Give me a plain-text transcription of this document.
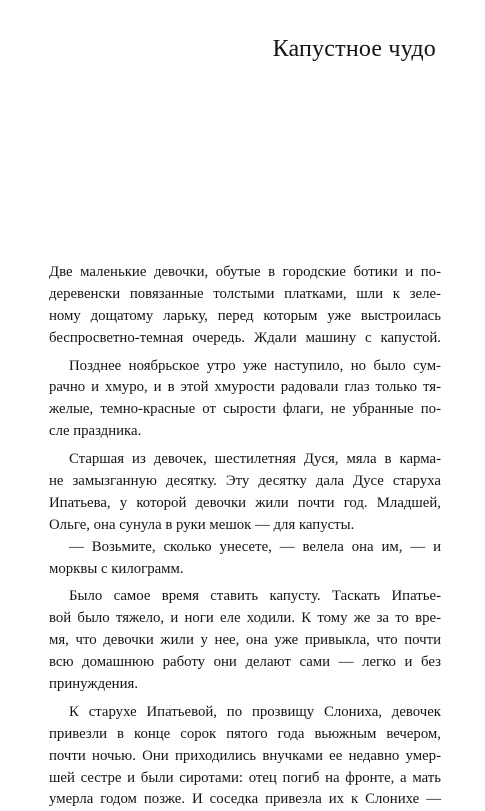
Капустное чудо
Две маленькие девочки, обутые в городские ботики и по-
деревенски повязанные толстыми платками, шли к зеле-
ному дощатому ларьку, перед которым уже выстроилась
беспросветно-темная очередь. Ждали машину с капустой.
Позднее ноябрьское утро уже наступило, но было сум-
рачно и хмуро, и в этой хмурости радовали глаз только тя-
желые, темно-красные от сырости флаги, не убранные по-
сле праздника.
Старшая из девочек, шестилетняя Дуся, мяла в карма-
не замызганную десятку. Эту десятку дала Дусе старуха
Ипатьева, у которой девочки жили почти год. Младшей,
Ольге, она сунула в руки мешок — для капусты.
— Возьмите, сколько унесете, — велела она им, — и
морквы с килограмм.
Было самое время ставить капусту. Таскать Ипатье-
вой было тяжело, и ноги еле ходили. К тому же за то вре-
мя, что девочки жили у нее, она уже привыкла, что почти
всю домашнюю работу они делают сами — легко и без
принуждения.
К старухе Ипатьевой, по прозвищу Слониха, девочек
привезли в конце сорок пятого года вьюжным вечером,
почти ночью. Они приходились внучками ее недавно умер-
шей сестре и были сиротами: отец погиб на фронте, а мать
умерла годом позже. И соседка привезла их к Слонихе —
